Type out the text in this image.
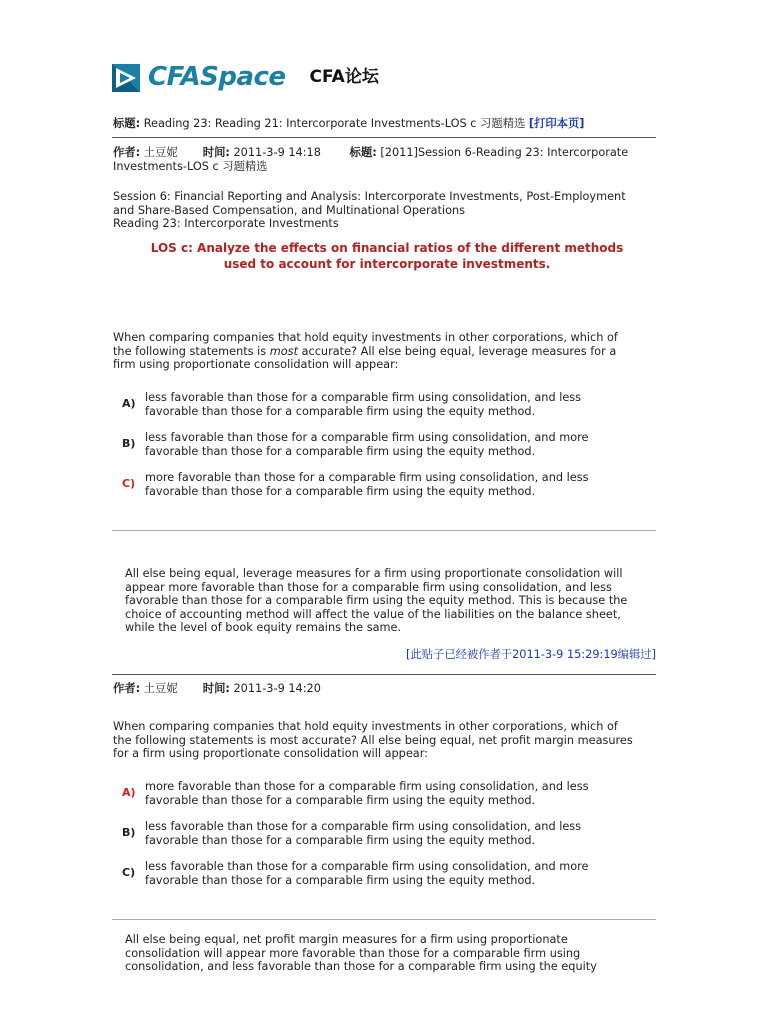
CFASpace CFA论坛
标题: Reading 23: Reading 21: Intercorporate Investments-LOS c 习题精选 [打印本页]
作者: 土豆妮 时间: 2011-3-9 14:18	标题: [2011]Session 6-Reading 23: Intercorporate
Investments-LOS c 习题精选
Session 6: Financial Reporting and Analysis: Intercorporate Investments, Post-Employment
and Share-Based Compensation, and Multinational Operations
Reading 23: Intercorporate Investments
LOS c: Analyze the effects on financial ratios of the different methods
used to account for intercorporate investments.
When comparing companies that hold equity investments in other corporations, which of
the following statements is most accurate? All else being equal, leverage measures for a
firm using proportionate consolidation will appear:
A) less favorable than those for a comparable firm using consolidation, and less
favorable than those for a comparable firm using the equity method.
B) less favorable than those for a comparable firm using consolidation, and more
favorable than those for a comparable firm using the equity method.
C) more favorable than those for a comparable firm using consolidation, and less
favorable than those for a comparable firm using the equity method.
All else being equal, leverage measures for a firm using proportionate consolidation will
appear more favorable than those for a comparable firm using consolidation, and less
favorable than those for a comparable firm using the equity method. This is because the
choice of accounting method will affect the value of the liabilities on the balance sheet,
while the level of book equity remains the same.
[此贴子已经被作者于2011-3-9 15:29:19编辑过]
作者: 土豆妮 时间: 2011-3-9 14:20
When comparing companies that hold equity investments in other corporations, which of
the following statements is most accurate? All else being equal, net profit margin measures
for a firm using proportionate consolidation will appear:
A) more favorable than those for a comparable firm using consolidation, and less
favorable than those for a comparable firm using the equity method.
B) less favorable than those for a comparable firm using consolidation, and less
favorable than those for a comparable firm using the equity method.
C) less favorable than those for a comparable firm using consolidation, and more
favorable than those for a comparable firm using the equity method.
All else being equal, net profit margin measures for a firm using proportionate
consolidation will appear more favorable than those for a comparable firm using
consolidation, and less favorable than those for a comparable firm using the equity
